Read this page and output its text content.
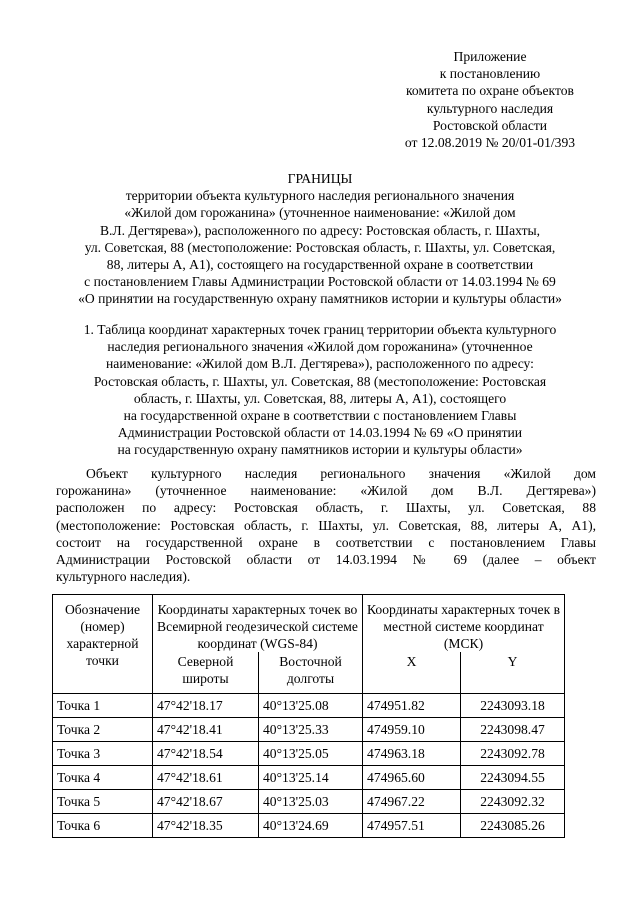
Приложение
к постановлению
комитета по охране объектов
культурного наследия
Ростовской области
от 12.08.2019 № 20/01-01/393
ГРАНИЦЫ
территории объекта культурного наследия регионального значения
«Жилой дом горожанина» (уточненное наименование: «Жилой дом
В.Л. Дегтярева»), расположенного по адресу: Ростовская область, г. Шахты,
ул. Советская, 88 (местоположение: Ростовская область, г. Шахты, ул. Советская,
88, литеры А, А1), состоящего на государственной охране в соответствии
с постановлением Главы Администрации Ростовской области от 14.03.1994 № 69
«О принятии на государственную охрану памятников истории и культуры области»
1. Таблица координат характерных точек границ территории объекта культурного
наследия регионального значения «Жилой дом горожанина» (уточненное
наименование: «Жилой дом В.Л. Дегтярева»), расположенного по адресу:
Ростовская область, г. Шахты, ул. Советская, 88 (местоположение: Ростовская
область, г. Шахты, ул. Советская, 88, литеры А, А1), состоящего
на государственной охране в соответствии с постановлением Главы
Администрации Ростовской области от 14.03.1994 № 69 «О принятии
на государственную охрану памятников истории и культуры области»
Объект культурного наследия регионального значения «Жилой дом
горожанина» (уточненное наименование: «Жилой дом В.Л. Дегтярева»)
расположен по адресу: Ростовская область, г. Шахты, ул. Советская, 88
(местоположение: Ростовская область, г. Шахты, ул. Советская, 88, литеры А, А1),
состоит на государственной охране в соответствии с постановлением Главы
Администрации Ростовской области от 14.03.1994 № 69 (далее – объект
культурного наследия).
Обозначение (номер) характерной точки	Координаты характерных точек во Всемирной геодезической системе координат (WGS-84)		Координаты характерных точек в местной системе координат (МСК)	
	Северной широты	Восточной долготы	X	Y
Точка 1	47°42'18.17	40°13'25.08	474951.82	2243093.18
Точка 2	47°42'18.41	40°13'25.33	474959.10	2243098.47
Точка 3	47°42'18.54	40°13'25.05	474963.18	2243092.78
Точка 4	47°42'18.61	40°13'25.14	474965.60	2243094.55
Точка 5	47°42'18.67	40°13'25.03	474967.22	2243092.32
Точка 6	47°42'18.35	40°13'24.69	474957.51	2243085.26
